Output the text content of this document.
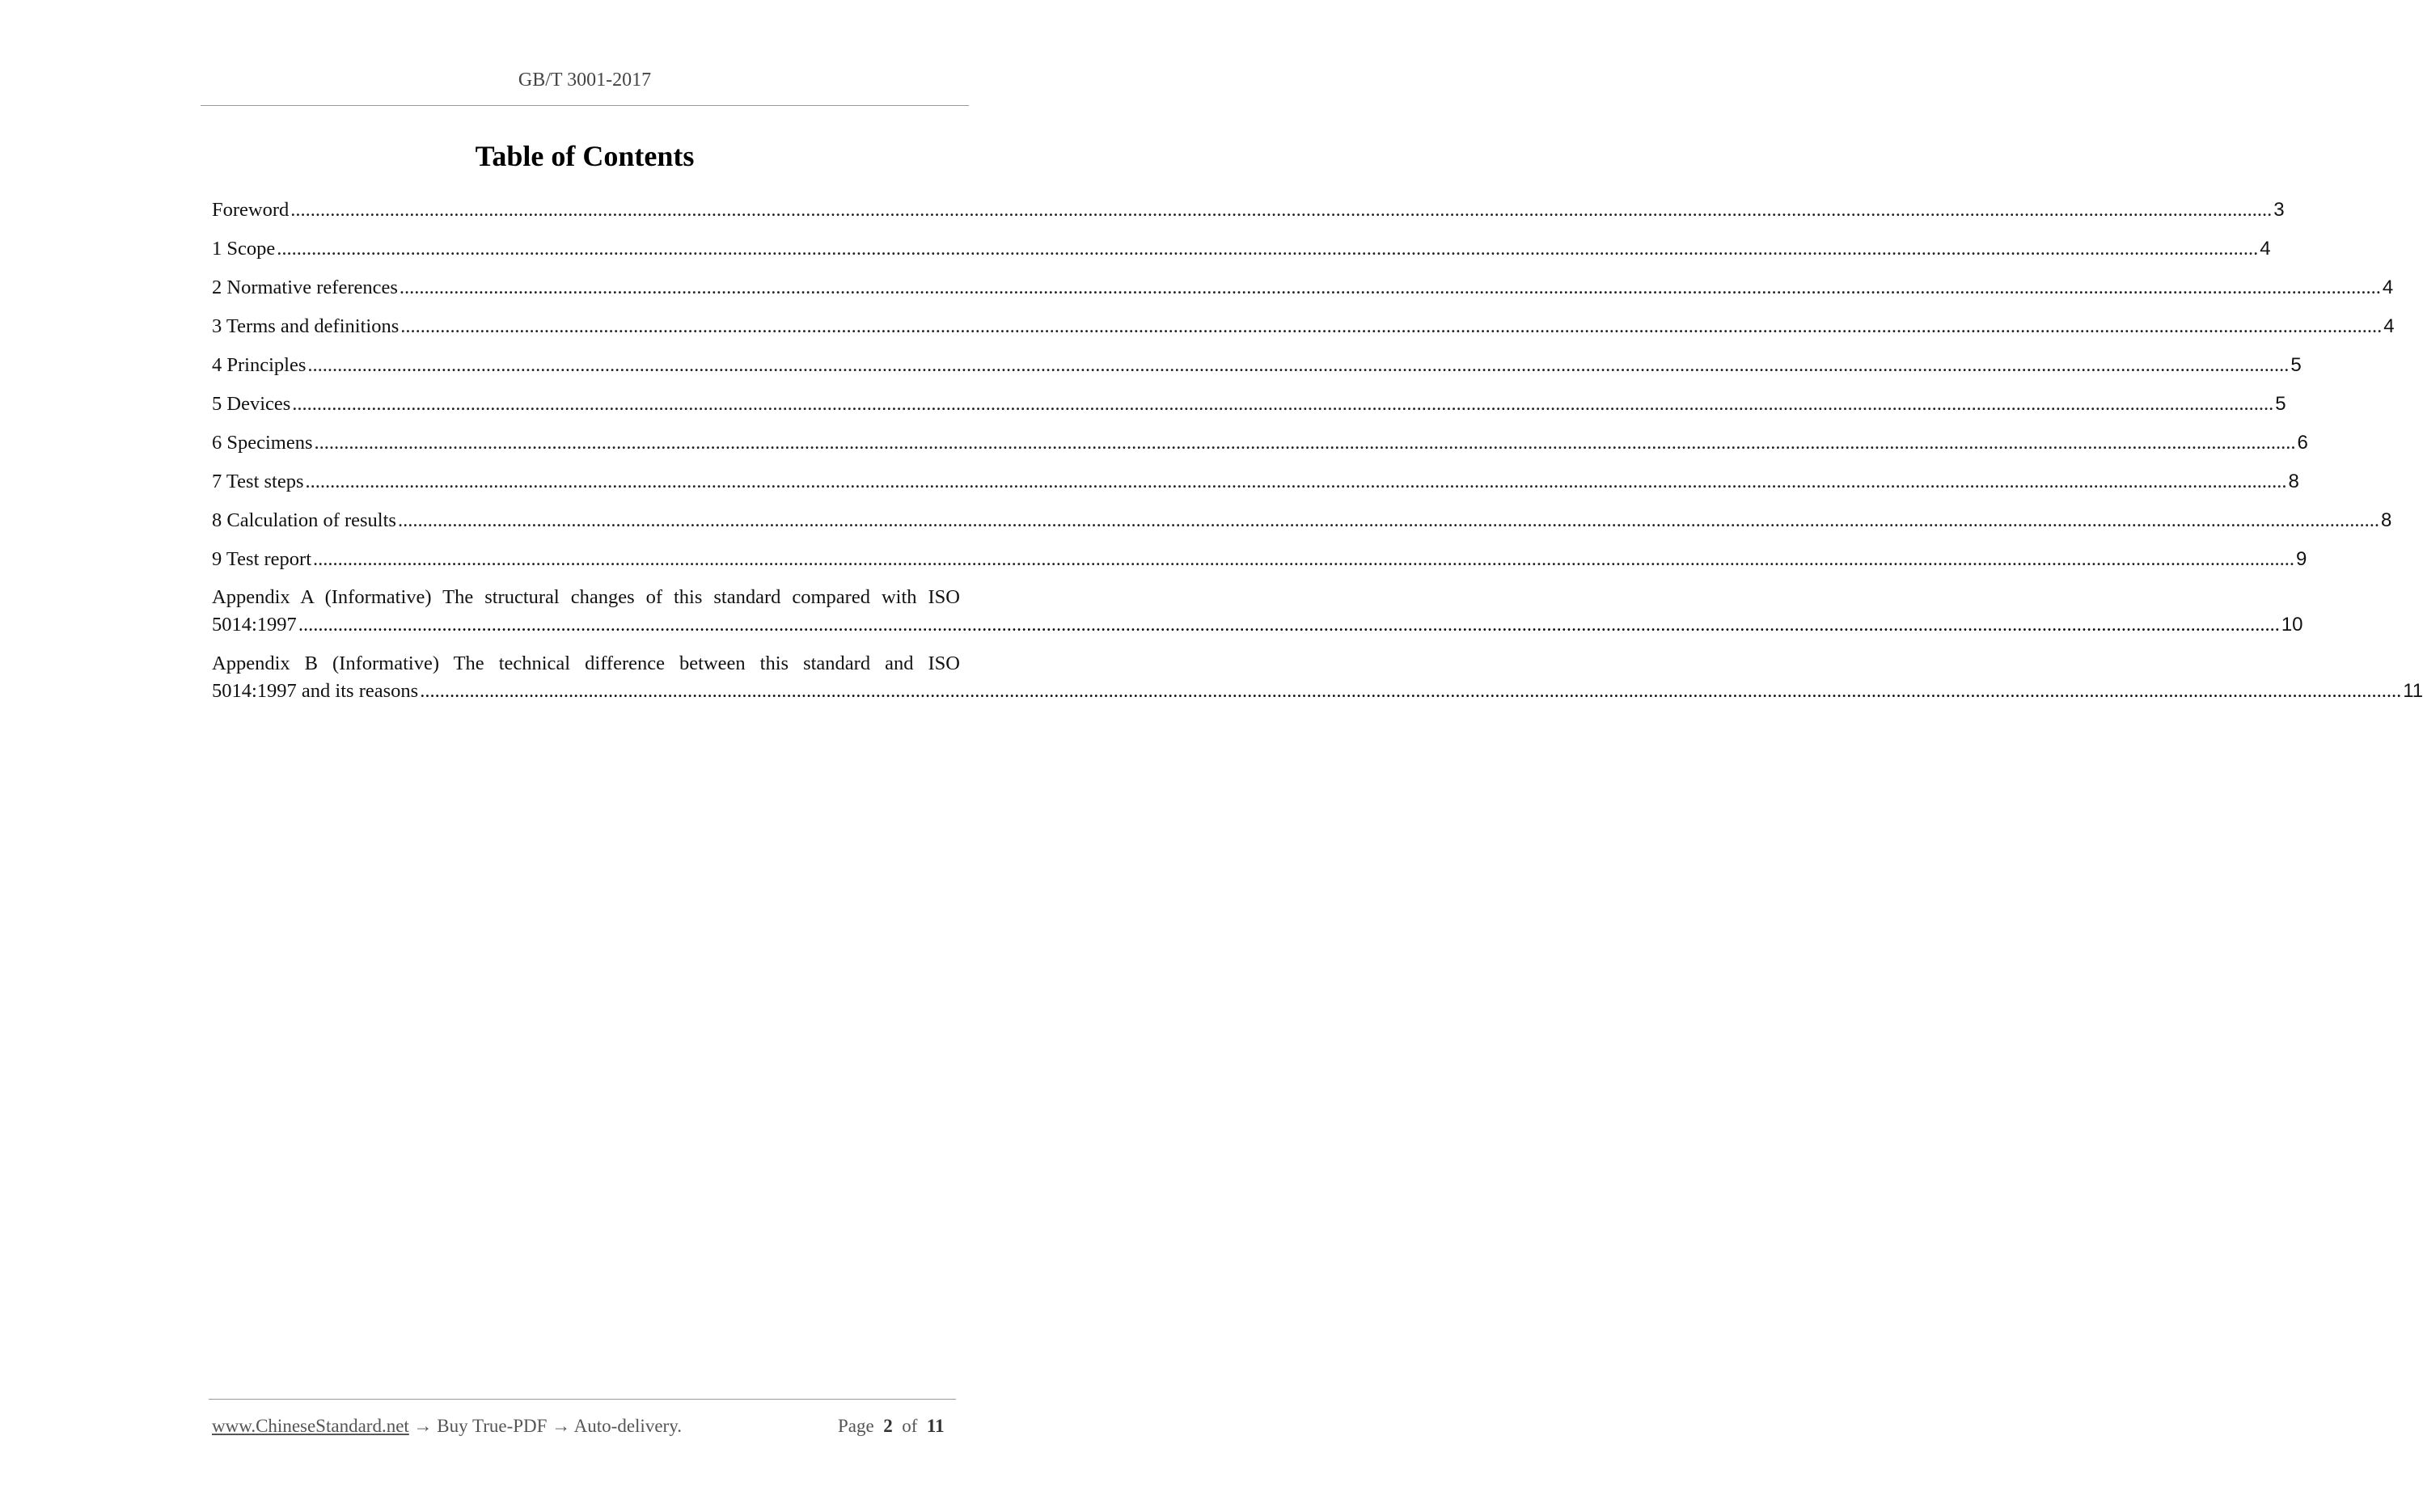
GB/T 3001-2017
Table of Contents
Foreword ................................................................................................................................................................................................................................................................................................................................................................................................................ 3
1 Scope ................................................................................................................................................................................................................................................................................................................................................................................................................ 4
2 Normative references ................................................................................................................................................................................................................................................................................................................................................................................................................ 4
3 Terms and definitions ................................................................................................................................................................................................................................................................................................................................................................................................................ 4
4 Principles ................................................................................................................................................................................................................................................................................................................................................................................................................ 5
5 Devices ................................................................................................................................................................................................................................................................................................................................................................................................................ 5
6 Specimens ................................................................................................................................................................................................................................................................................................................................................................................................................ 6
7 Test steps ................................................................................................................................................................................................................................................................................................................................................................................................................ 8
8 Calculation of results ................................................................................................................................................................................................................................................................................................................................................................................................................ 8
9 Test report ................................................................................................................................................................................................................................................................................................................................................................................................................ 9
Appendix A (Informative) The structural changes of this standard compared with ISO
5014:1997 ................................................................................................................................................................................................................................................................................................................................................................................................................ 10
Appendix B (Informative) The technical difference between this standard and ISO
5014:1997 and its reasons ................................................................................................................................................................................................................................................................................................................................................................................................................ 11
www.ChineseStandard.net → Buy True-PDF → Auto-delivery.	Page 2 of 11
